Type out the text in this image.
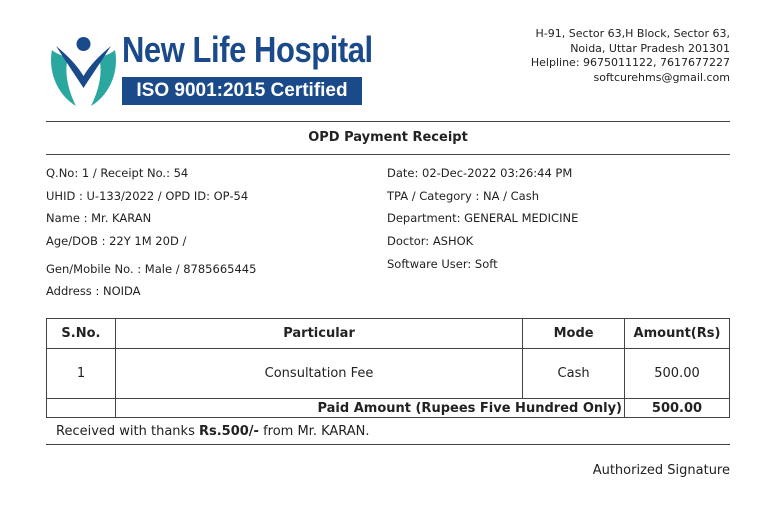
New Life Hospital
ISO 9001:2015 Certified
H-91, Sector 63,H Block, Sector 63,
Noida, Uttar Pradesh 201301
Helpline: 9675011122, 7617677227
softcurehms@gmail.com
OPD Payment Receipt
Q.No: 1 / Receipt No.: 54
UHID : U-133/2022 / OPD ID: OP-54
Name : Mr. KARAN
Age/DOB : 22Y 1M 20D /
Gen/Mobile No. : Male / 8785665445
Address : NOIDA
Date: 02-Dec-2022 03:26:44 PM
TPA / Category : NA / Cash
Department: GENERAL MEDICINE
Doctor: ASHOK
Software User: Soft
S.No.	Particular	Mode	Amount(Rs)
1	Consultation Fee	Cash	500.00
	Paid Amount (Rupees Five Hundred Only)		500.00
Received with thanks Rs.500/- from Mr. KARAN.
Authorized Signature
